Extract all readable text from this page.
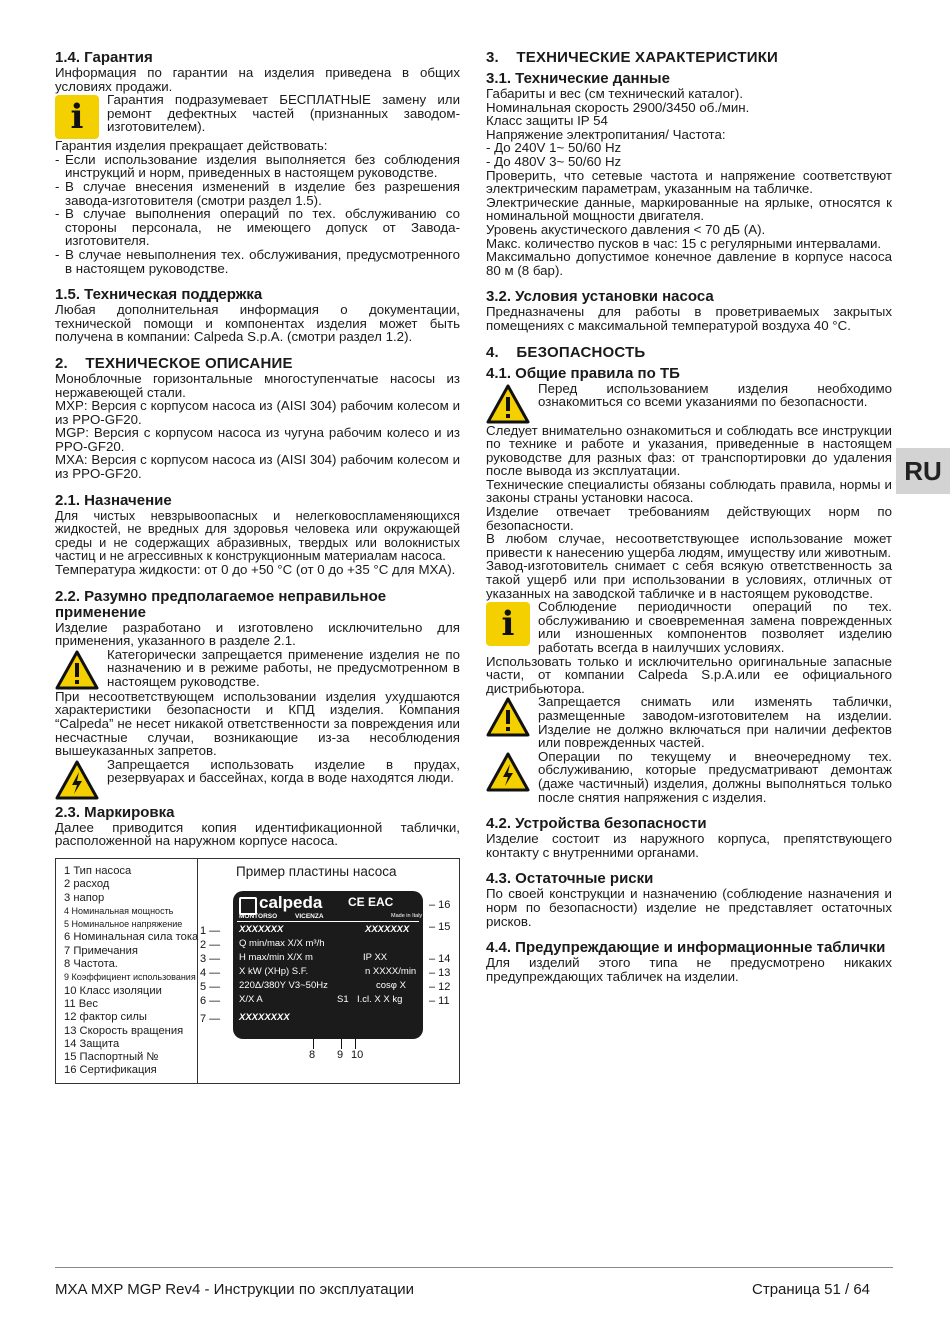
1.4. Гарантия

Информация по гарантии на изделия приведена в общих условиях продажи.

i	Гарантия подразумевает БЕСПЛАТНЫЕ замену или ремонт дефектных частей (признанных заводом-изготовителем).

Гарантия изделия прекращает действовать:

- Если использование изделия выполняется без соблюдения инструкций и норм, приведенных в настоящем руководстве.
- В случае внесения изменений в изделие без разрешения завода-изготовителя (смотри раздел 1.5).
- В случае выполнения операций по тех. обслуживанию со стороны персонала, не имеющего допуск от Завода-изготовителя.
- В случае невыполнения тех. обслуживания, предусмотренного в настоящем руководстве.

1.5. Техническая поддержка

Любая дополнительная информация о документации, технической помощи и компонентах изделия может быть получена в компании: Calpeda S.p.A. (смотри раздел 1.2).

2.    ТЕХНИЧЕСКОЕ ОПИСАНИЕ

Моноблочные горизонтальные многоступенчатые насосы из нержавеющей стали.

MXP: Версия с корпусом насоса из (AISI 304) рабочим колесом и из PPO-GF20.

MGP: Версия с корпусом насоса из чугуна рабочим колесо и из PPO-GF20.

MXA: Версия с корпусом насоса из (AISI 304) рабочим колесом и из PPO-GF20.

2.1. Назначение

Для чистых невзрывоопасных и нелегковоспламеняющихся жидкостей, не вредных для здоровья человека или окружающей среды и не содержащих абразивных, твердых или волокнистых частиц и не агрессивных к конструкционным материалам насоса.

Температура жидкости: от 0 до +50 °C (от 0 до +35 °C для MXA).

2.2. Разумно предполагаемое неправильное применение

Изделие разработано и изготовлено исключительно для применения, указанного в разделе 2.1.

Категорически запрещается применение изделия не по назначению и в режиме работы, не предусмотренном в настоящем руководстве.

При несоответствующем использовании изделия ухудшаются характеристики безопасности и КПД изделия. Компания “Calpeda” не несет никакой ответственности за повреждения или несчастные случаи, возникающие из-за несоблюдения вышеуказанных запретов.

Запрещается использовать изделие в прудах, резервуарах и бассейнах, когда в воде находятся люди.

2.3. Маркировка

Далее приводится копия идентификационной таблички, расположенной на наружном корпусе насоса.

1 Тип насоса
2 расход
3 напор
4 Номинальная мощность
5 Номинальное напряжение
6 Номинальная сила тока
7 Примечания
8 Частота.
9 Коэффициент использования
10 Класс изоляции
11 Вес
12 фактор силы
13 Скорость вращения
14 Защита
15 Паспортный №
16 Сертификация
Пример пластины насоса
calpeda
MONTORSO	VICENZA
CE EAC
Made in Italy
XXXXXXX	XXXXXXX
Q min/max X/X m³/h
H max/min X/X m	IP XX
X kW (XHp) S.F.	n XXXX/min
220Δ/380Y V3~50Hz	cosφ X
X/X A	S1 I.cl. X X kg
XXXXXXXX
1 —
2 —
3 —
4 —
5 —
6 —
7 —
– 16
– 15
– 14
– 13
– 12
– 11
8 9 10

3.    ТЕХНИЧЕСКИЕ ХАРАКТЕРИСТИКИ

3.1. Технические данные

Габариты и вес (см технический каталог).

Номинальная скорость 2900/3450 об./мин.

Класс защиты IP 54

Напряжение электропитания/ Частота:

- До 240V 1~ 50/60 Hz

- До 480V 3~ 50/60 Hz

Проверить, что сетевые частота и напряжение соответствуют электрическим параметрам, указанным на табличке.

Электрические данные, маркированные на ярлыке, относятся к номинальной мощности двигателя.

Уровень акустического давления < 70 дБ (A).

Макс. количество пусков в час: 15 с регулярными интервалами.

Максимально допустимое конечное давление в корпусе насоса 80 м (8 бар).

3.2. Условия установки насоса

Предназначены для работы в проветриваемых закрытых помещениях с максимальной температурой воздуха 40 °C.

4.    БЕЗОПАСНОСТЬ

4.1. Общие правила по ТБ

Перед использованием изделия необходимо ознакомиться со всеми указаниями по безопасности.

Следует внимательно ознакомиться и соблюдать все инструкции по технике и работе и указания, приведенные в настоящем руководстве для разных фаз: от транспортировки до удаления после вывода из эксплуатации.

Технические специалисты обязаны соблюдать правила, нормы и законы страны установки насоса.

Изделие отвечает требованиям действующих норм по безопасности.

В любом случае, несоответствующее использование может привести к нанесению ущерба людям, имуществу или животным.

Завод-изготовитель снимает с себя всякую ответственность за такой ущерб или при использовании в условиях, отличных от указанных на заводской табличке и в настоящем руководстве.

i	Соблюдение периодичности операций по тех. обслуживанию и своевременная замена поврежденных или изношенных компонентов позволяет изделию работать всегда в наилучших условиях.

Использовать только и исключительно оригинальные запасные части, от компании Calpeda S.p.A.или ее официального дистрибьютора.

Запрещается снимать или изменять таблички, размещенные заводом-изготовителем на изделии. Изделие не должно включаться при наличии дефектов или поврежденных частей.

Операции по текущему и внеочередному тех. обслуживанию, которые предусматривают демонтаж (даже частичный) изделия, должны выполняться только после снятия напряжения с изделия.

4.2. Устройства безопасности

Изделие состоит из наружного корпуса, препятствующего контакту с внутренними органами.

4.3. Остаточные риски

По своей конструкции и назначению (соблюдение назначения и норм по безопасности) изделие не представляет остаточных рисков.

4.4. Предупреждающие и информационные таблички

Для изделий этого типа не предусмотрено никаких предупреждающих табличек на изделии.

RU
MXA MXP MGP Rev4 - Инструкции по эксплуатации	Страница 51 / 64
